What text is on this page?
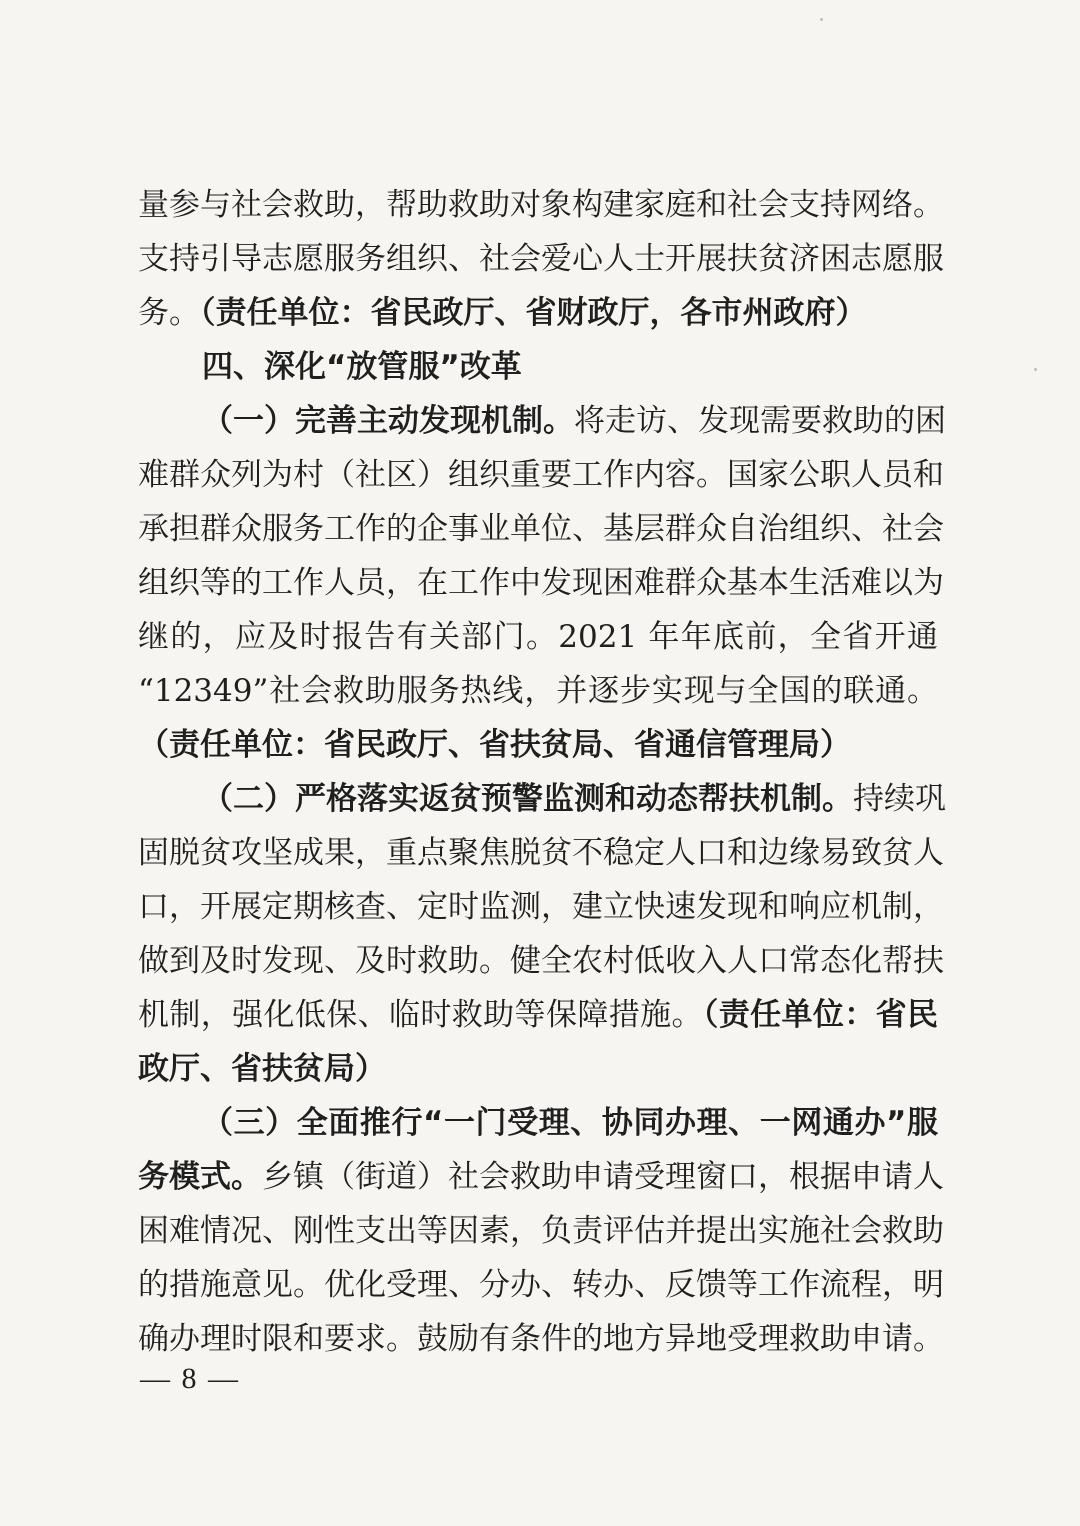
量参与社会救助，帮助救助对象构建家庭和社会支持网络。
支持引导志愿服务组织、社会爱心人士开展扶贫济困志愿服
务。（责任单位：省民政厅、省财政厅，各市州政府）
四、深化“放管服”改革
（一）完善主动发现机制。将走访、发现需要救助的困
难群众列为村（社区）组织重要工作内容。国家公职人员和
承担群众服务工作的企事业单位、基层群众自治组织、社会
组织等的工作人员，在工作中发现困难群众基本生活难以为
继的，应及时报告有关部门。2021 年年底前，全省开通
“12349”社会救助服务热线，并逐步实现与全国的联通。
（责任单位：省民政厅、省扶贫局、省通信管理局）
（二）严格落实返贫预警监测和动态帮扶机制。持续巩
固脱贫攻坚成果，重点聚焦脱贫不稳定人口和边缘易致贫人
口，开展定期核查、定时监测，建立快速发现和响应机制，
做到及时发现、及时救助。健全农村低收入人口常态化帮扶
机制，强化低保、临时救助等保障措施。（责任单位：省民
政厅、省扶贫局）
（三）全面推行“一门受理、协同办理、一网通办”服
务模式。乡镇（街道）社会救助申请受理窗口，根据申请人
困难情况、刚性支出等因素，负责评估并提出实施社会救助
的措施意见。优化受理、分办、转办、反馈等工作流程，明
确办理时限和要求。鼓励有条件的地方异地受理救助申请。
— 8 —
